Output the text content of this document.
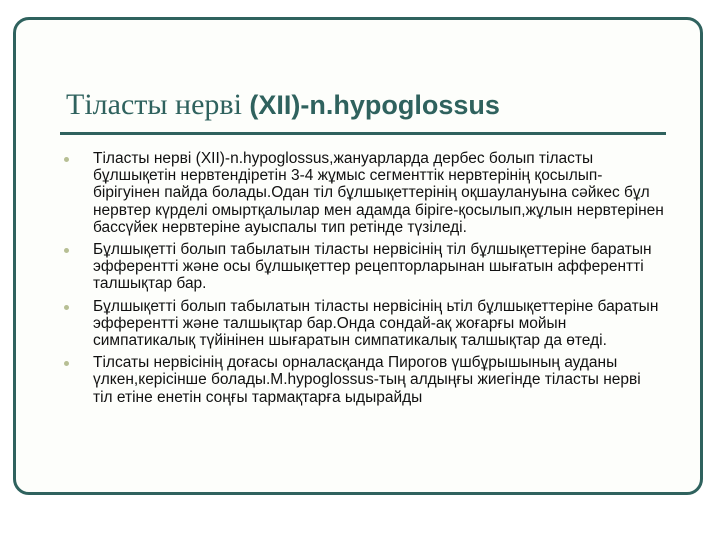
Тіласты нерві (XII)-n.hypoglossus
Тіласты нерві (XII)-n.hypoglossus,жануарларда дербес болып тіласты бұлшықетін нервтендіретін 3-4 жұмыс сегменттік нервтерінің қосылып-бірігуінен пайда болады.Одан тіл бұлшықеттерінің оқшаулануына сәйкес бұл нервтер күрделі омыртқалылар мен адамда біріге-қосылып,жұлын нервтерінен бассүйек нервтеріне ауыспалы тип ретінде түзіледі.
Бұлшықетті болып табылатын тіласты нервісінің тіл бұлшықеттеріне баратын эфферентті және осы бұлшықеттер рецепторларынан шығатын афферентті талшықтар бар.
Бұлшықетті болып табылатын тіласты нервісінің ьтіл бұлшықеттеріне баратын эфферентті және талшықтар бар.Онда сондай-ақ жоғарғы мойын симпатикалық түйінінен шығаратын симпатикалық талшықтар да өтеді.
Тілсаты нервісінің доғасы орналасқанда Пирогов үшбұрышының ауданы үлкен,керісінше болады.M.hypoglossus-тың алдыңғы жиегінде тіласты нерві тіл етіне енетін соңғы тармақтарға ыдырайды
